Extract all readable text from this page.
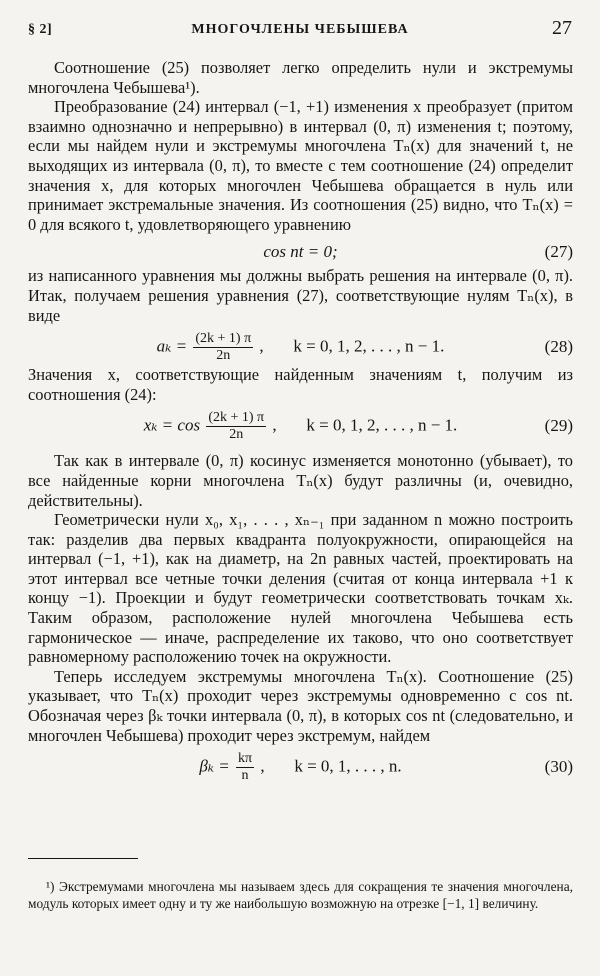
§ 2]	МНОГОЧЛЕНЫ ЧЕБЫШЕВА	27

Соотношение (25) позволяет легко определить нули и экстремумы многочлена Чебышева¹).

Преобразование (24) интервал (−1, +1) изменения x преобразует (притом взаимно однозначно и непрерывно) в интервал (0, π) изменения t; поэтому, если мы найдем нули и экстремумы многочлена Tₙ(x) для значений t, не выходящих из интервала (0, π), то вместе с тем соотношение (24) определит значения x, для которых многочлен Чебышева обращается в нуль или принимает экстремальные значения. Из соотношения (25) видно, что Tₙ(x) = 0 для всякого t, удовлетворяющего уравнению

cos nt = 0;	(27)

из написанного уравнения мы должны выбрать решения на интервале (0, π). Итак, получаем решения уравнения (27), соответствующие нулям Tₙ(x), в виде

$a_k = \frac{(2k + 1) \pi}{2n}$ ,       k = 0, 1, 2, . . . , n − 1.	(28)

Значения x, соответствующие найденным значениям t, получим из соотношения (24):

$x_k = \cos \frac{(2k + 1) \pi}{2n}$ ,       k = 0, 1, 2, . . . , n − 1.	(29)

Так как в интервале (0, π) косинус изменяется монотонно (убывает), то все найденные корни многочлена Tₙ(x) будут различны (и, очевидно, действительны).

Геометрически нули x₀, x₁, . . . , xₙ₋₁ при заданном n можно построить так: разделив два первых квадранта полуокружности, опирающейся на интервал (−1, +1), как на диаметр, на 2n равных частей, проектировать на этот интервал все четные точки деления (считая от конца интервала +1 к концу −1). Проекции и будут геометрически соответствовать точкам xₖ. Таким образом, расположение нулей многочлена Чебышева есть гармоническое — иначе, распределение их таково, что оно соответствует равномерному расположению точек на окружности.

Теперь исследуем экстремумы многочлена Tₙ(x). Соотношение (25) указывает, что Tₙ(x) проходит через экстремумы одновременно с cos nt. Обозначая через βₖ точки интервала (0, π), в которых cos nt (следовательно, и многочлен Чебышева) проходит через экстремум, найдем

$\beta_k = \frac{k\pi}{n}$ ,       k = 0, 1, . . . , n.	(30)

¹) Экстремумами многочлена мы называем здесь для сокращения те значения многочлена, модуль которых имеет одну и ту же наибольшую возможную на отрезке [−1, 1] величину.
